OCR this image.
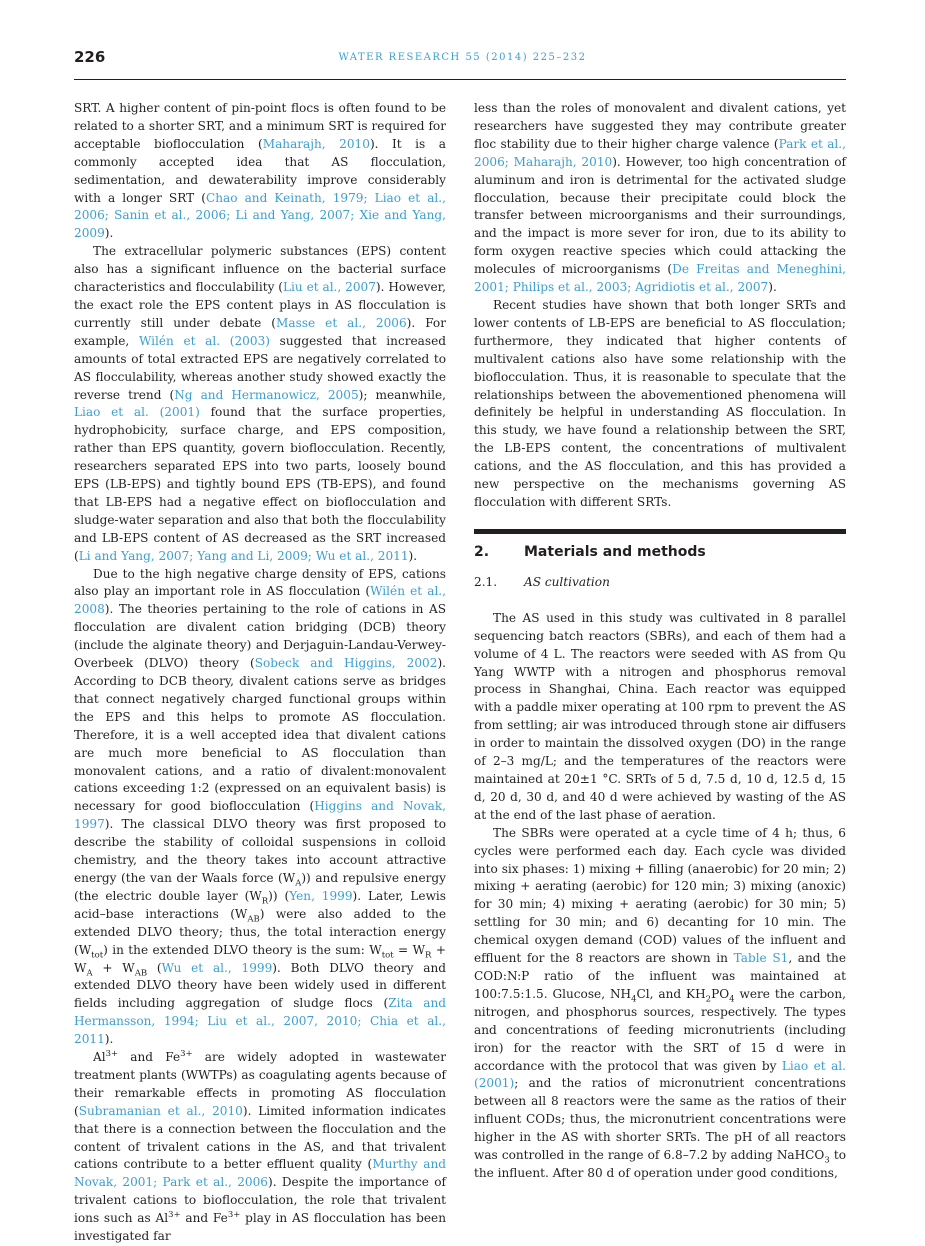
226	WATER RESEARCH 55 (2014) 225–232

SRT. A higher content of pin-point flocs is often found to be related to a shorter SRT, and a minimum SRT is required for acceptable bioflocculation (Maharajh, 2010). It is a commonly accepted idea that AS flocculation, sedimentation, and dewaterability improve considerably with a longer SRT (Chao and Keinath, 1979; Liao et al., 2006; Sanin et al., 2006; Li and Yang, 2007; Xie and Yang, 2009).

The extracellular polymeric substances (EPS) content also has a significant influence on the bacterial surface characteristics and flocculability (Liu et al., 2007). However, the exact role the EPS content plays in AS flocculation is currently still under debate (Masse et al., 2006). For example, Wilén et al. (2003) suggested that increased amounts of total extracted EPS are negatively correlated to AS flocculability, whereas another study showed exactly the reverse trend (Ng and Hermanowicz, 2005); meanwhile, Liao et al. (2001) found that the surface properties, hydrophobicity, surface charge, and EPS composition, rather than EPS quantity, govern bioflocculation. Recently, researchers separated EPS into two parts, loosely bound EPS (LB-EPS) and tightly bound EPS (TB-EPS), and found that LB-EPS had a negative effect on bioflocculation and sludge-water separation and also that both the flocculability and LB-EPS content of AS decreased as the SRT increased (Li and Yang, 2007; Yang and Li, 2009; Wu et al., 2011).

Due to the high negative charge density of EPS, cations also play an important role in AS flocculation (Wilén et al., 2008). The theories pertaining to the role of cations in AS flocculation are divalent cation bridging (DCB) theory (include the alginate theory) and Derjaguin-Landau-Verwey-Overbeek (DLVO) theory (Sobeck and Higgins, 2002). According to DCB theory, divalent cations serve as bridges that connect negatively charged functional groups within the EPS and this helps to promote AS flocculation. Therefore, it is a well accepted idea that divalent cations are much more beneficial to AS flocculation than monovalent cations, and a ratio of divalent:monovalent cations exceeding 1:2 (expressed on an equivalent basis) is necessary for good bioflocculation (Higgins and Novak, 1997). The classical DLVO theory was first proposed to describe the stability of colloidal suspensions in colloid chemistry, and the theory takes into account attractive energy (the van der Waals force $(W_A)$) and repulsive energy (the electric double layer $(W_R)$) (Yen, 1999). Later, Lewis acid–base interactions $(W_{AB})$ were also added to the extended DLVO theory; thus, the total interaction energy $(W_{tot})$ in the extended DLVO theory is the sum: $W_{tot} = W_R + W_A + W_{AB}$ (Wu et al., 1999). Both DLVO theory and extended DLVO theory have been widely used in different fields including aggregation of sludge flocs (Zita and Hermansson, 1994; Liu et al., 2007, 2010; Chia et al., 2011).

$Al^{3+}$ and $Fe^{3+}$ are widely adopted in wastewater treatment plants (WWTPs) as coagulating agents because of their remarkable effects in promoting AS flocculation (Subramanian et al., 2010). Limited information indicates that there is a connection between the flocculation and the content of trivalent cations in the AS, and that trivalent cations contribute to a better effluent quality (Murthy and Novak, 2001; Park et al., 2006). Despite the importance of trivalent cations to bioflocculation, the role that trivalent ions such as $Al^{3+}$ and $Fe^{3+}$ play in AS flocculation has been investigated far

less than the roles of monovalent and divalent cations, yet researchers have suggested they may contribute greater floc stability due to their higher charge valence (Park et al., 2006; Maharajh, 2010). However, too high concentration of aluminum and iron is detrimental for the activated sludge flocculation, because their precipitate could block the transfer between microorganisms and their surroundings, and the impact is more sever for iron, due to its ability to form oxygen reactive species which could attacking the molecules of microorganisms (De Freitas and Meneghini, 2001; Philips et al., 2003; Agridiotis et al., 2007).

Recent studies have shown that both longer SRTs and lower contents of LB-EPS are beneficial to AS flocculation; furthermore, they indicated that higher contents of multivalent cations also have some relationship with the bioflocculation. Thus, it is reasonable to speculate that the relationships between the abovementioned phenomena will definitely be helpful in understanding AS flocculation. In this study, we have found a relationship between the SRT, the LB-EPS content, the concentrations of multivalent cations, and the AS flocculation, and this has provided a new perspective on the mechanisms governing AS flocculation with different SRTs.

2. Materials and methods
2.1. AS cultivation

The AS used in this study was cultivated in 8 parallel sequencing batch reactors (SBRs), and each of them had a volume of 4 L. The reactors were seeded with AS from Qu Yang WWTP with a nitrogen and phosphorus removal process in Shanghai, China. Each reactor was equipped with a paddle mixer operating at 100 rpm to prevent the AS from settling; air was introduced through stone air diffusers in order to maintain the dissolved oxygen (DO) in the range of 2–3 mg/L; and the temperatures of the reactors were maintained at 20±1 °C. SRTs of 5 d, 7.5 d, 10 d, 12.5 d, 15 d, 20 d, 30 d, and 40 d were achieved by wasting of the AS at the end of the last phase of aeration.

The SBRs were operated at a cycle time of 4 h; thus, 6 cycles were performed each day. Each cycle was divided into six phases: 1) mixing + filling (anaerobic) for 20 min; 2) mixing + aerating (aerobic) for 120 min; 3) mixing (anoxic) for 30 min; 4) mixing + aerating (aerobic) for 30 min; 5) settling for 30 min; and 6) decanting for 10 min. The chemical oxygen demand (COD) values of the influent and effluent for the 8 reactors are shown in Table S1, and the COD:N:P ratio of the influent was maintained at 100:7.5:1.5. Glucose, $NH_4Cl$, and $KH_2PO_4$ were the carbon, nitrogen, and phosphorus sources, respectively. The types and concentrations of feeding micronutrients (including iron) for the reactor with the SRT of 15 d were in accordance with the protocol that was given by Liao et al. (2001); and the ratios of micronutrient concentrations between all 8 reactors were the same as the ratios of their influent CODs; thus, the micronutrient concentrations were higher in the AS with shorter SRTs. The pH of all reactors was controlled in the range of 6.8–7.2 by adding NaHCO$_3$ to the influent. After 80 d of operation under good conditions,
